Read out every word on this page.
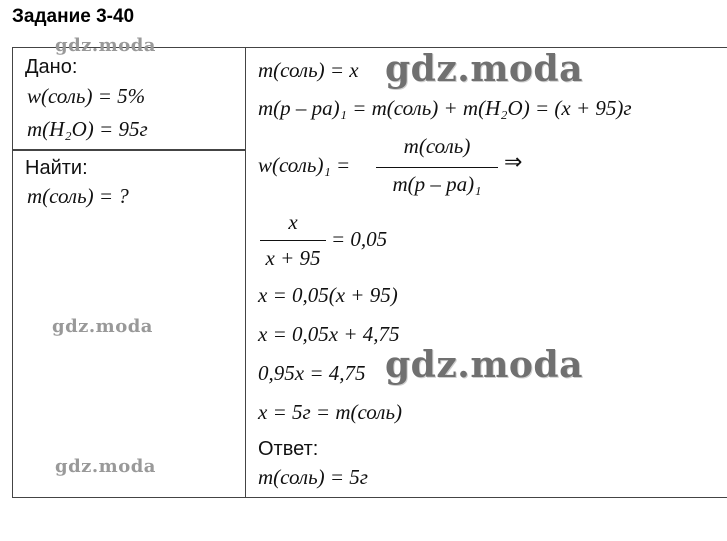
Задание 3-40
Дано:
w(соль) = 5%
m(H₂O) = 95г
Найти:
m(соль) = ?
m(соль) = x
m(р – ра)₁ = m(соль) + m(H₂O) = (x + 95)г
w(соль)₁ =
m(соль)
m(р – ра)₁
⇒
x
x + 95
= 0,05
x = 0,05(x + 95)
x = 0,05x + 4,75
0,95x = 4,75
x = 5г = m(соль)
Ответ:
m(соль) = 5г
gdz.moda
gdz.moda
gdz.moda
gdz.moda
gdz.moda
